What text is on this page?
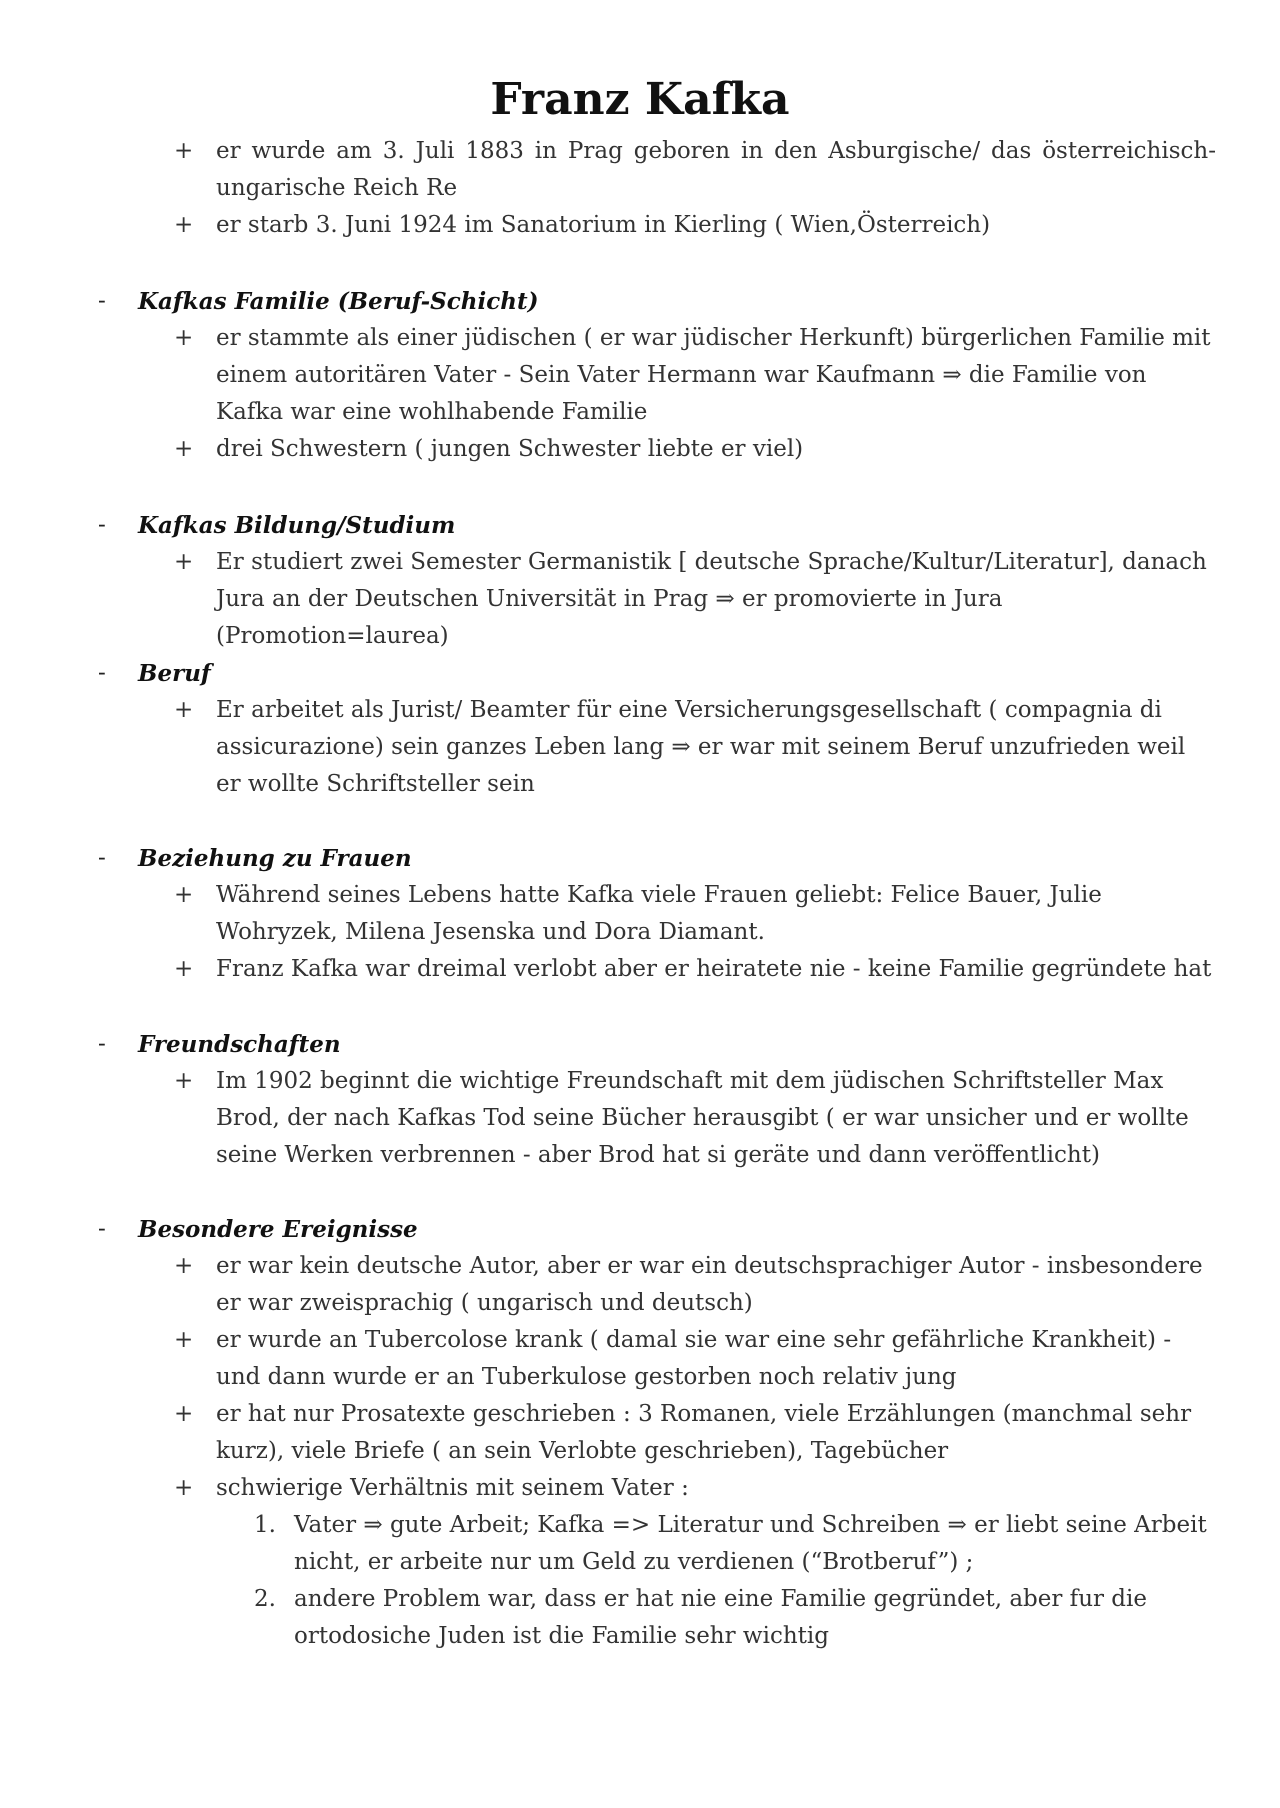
Franz Kafka
+ er wurde am 3. Juli 1883 in Prag geboren in den Asburgische/ das österreichisch-ungarische Reich Re
+ er starb 3. Juni 1924 im Sanatorium in Kierling ( Wien,Österreich)
- Kafkas Familie (Beruf-Schicht)
+ er stammte als einer jüdischen ( er war jüdischer Herkunft) bürgerlichen Familie mit einem autoritären Vater - Sein Vater Hermann war Kaufmann ⇒ die Familie von Kafka war eine wohlhabende Familie
+ drei Schwestern ( jungen Schwester liebte er viel)
- Kafkas Bildung/Studium
+ Er studiert zwei Semester Germanistik [ deutsche Sprache/Kultur/Literatur], danach Jura an der Deutschen Universität in Prag ⇒ er promovierte in Jura (Promotion=laurea)
- Beruf
+ Er arbeitet als Jurist/ Beamter für eine Versicherungsgesellschaft ( compagnia di assicurazione) sein ganzes Leben lang ⇒ er war mit seinem Beruf unzufrieden weil er wollte Schriftsteller sein
- Beziehung zu Frauen
+ Während seines Lebens hatte Kafka viele Frauen geliebt: Felice Bauer, Julie Wohryzek, Milena Jesenska und Dora Diamant.
+ Franz Kafka war dreimal verlobt aber er heiratete nie - keine Familie gegründete hat
- Freundschaften
+ Im 1902 beginnt die wichtige Freundschaft mit dem jüdischen Schriftsteller Max Brod, der nach Kafkas Tod seine Bücher herausgibt ( er war unsicher und er wollte seine Werken verbrennen - aber Brod hat si geräte und dann veröffentlicht)
- Besondere Ereignisse
+ er war kein deutsche Autor, aber er war ein deutschsprachiger Autor - insbesondere er war zweisprachig ( ungarisch und deutsch)
+ er wurde an Tubercolose krank ( damal sie war eine sehr gefährliche Krankheit) - und dann wurde er an Tuberkulose gestorben noch relativ jung
+ er hat nur Prosatexte geschrieben : 3 Romanen, viele Erzählungen (manchmal sehr kurz), viele Briefe ( an sein Verlobte geschrieben), Tagebücher
+ schwierige Verhältnis mit seinem Vater :
1. Vater ⇒ gute Arbeit; Kafka => Literatur und Schreiben ⇒ er liebt seine Arbeit nicht, er arbeite nur um Geld zu verdienen (“Brotberuf”) ;
2. andere Problem war, dass er hat nie eine Familie gegründet, aber fur die ortodosiche Juden ist die Familie sehr wichtig
